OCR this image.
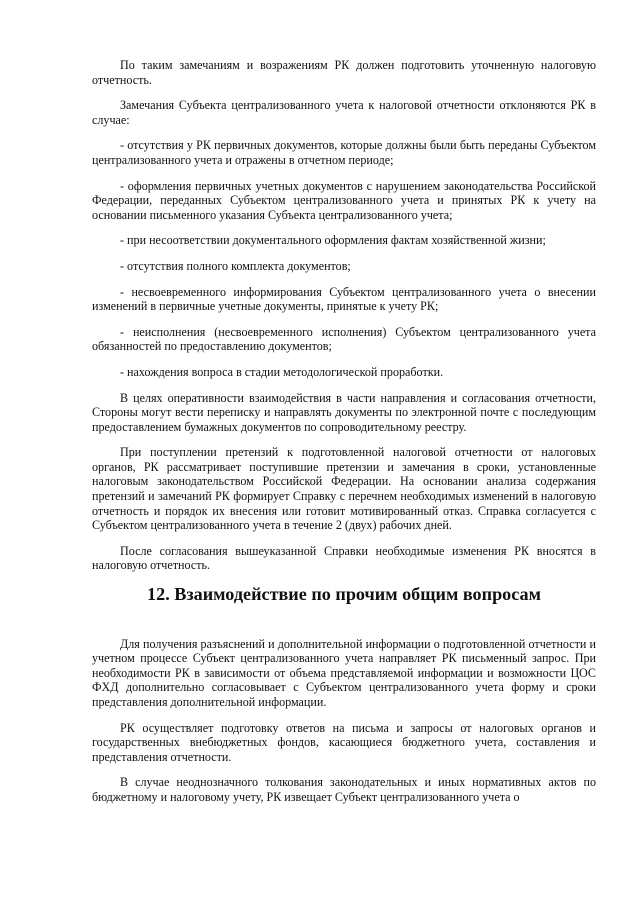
По таким замечаниям и возражениям РК должен подготовить уточненную налоговую отчетность.

Замечания Субъекта централизованного учета к налоговой отчетности отклоняются РК в случае:

- отсутствия у РК первичных документов, которые должны были быть переданы Субъектом централизованного учета и отражены в отчетном периоде;

- оформления первичных учетных документов с нарушением законодательства Российской Федерации, переданных Субъектом централизованного учета и принятых РК к учету на основании письменного указания Субъекта централизованного учета;

- при несоответствии документального оформления фактам хозяйственной жизни;

- отсутствия полного комплекта документов;

- несвоевременного информирования Субъектом централизованного учета о внесении изменений в первичные учетные документы, принятые к учету РК;

- неисполнения (несвоевременного исполнения) Субъектом централизованного учета обязанностей по предоставлению документов;

- нахождения вопроса в стадии методологической проработки.

В целях оперативности взаимодействия в части направления и согласования отчетности, Стороны могут вести переписку и направлять документы по электронной почте с последующим предоставлением бумажных документов по сопроводительному реестру.

При поступлении претензий к подготовленной налоговой отчетности от налоговых органов, РК рассматривает поступившие претензии и замечания в сроки, установленные налоговым законодательством Российской Федерации. На основании анализа содержания претензий и замечаний РК формирует Справку с перечнем необходимых изменений в налоговую отчетность и порядок их внесения или готовит мотивированный отказ. Справка согласуется с Субъектом централизованного учета в течение 2 (двух) рабочих дней.

После согласования вышеуказанной Справки необходимые изменения РК вносятся в налоговую отчетность.

12. Взаимодействие по прочим общим вопросам

Для получения разъяснений и дополнительной информации о подготовленной отчетности и учетном процессе Субъект централизованного учета направляет РК письменный запрос. При необходимости РК в зависимости от объема представляемой информации и возможности ЦОС ФХД дополнительно согласовывает с Субъектом централизованного учета форму и сроки представления дополнительной информации.

РК осуществляет подготовку ответов на письма и запросы от налоговых органов и государственных внебюджетных фондов, касающиеся бюджетного учета, составления и представления отчетности.

В случае неоднозначного толкования законодательных и иных нормативных актов по бюджетному и налоговому учету, РК извещает Субъект централизованного учета о
